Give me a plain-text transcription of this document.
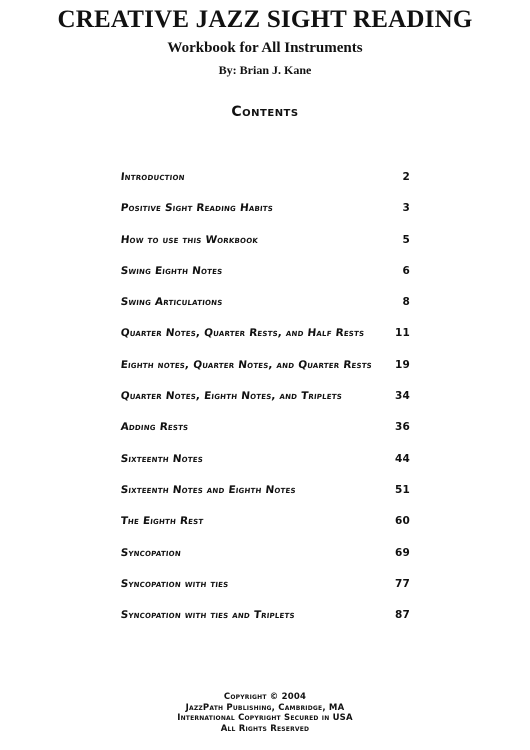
CREATIVE JAZZ SIGHT READING
Workbook for All Instruments
By: Brian J. Kane
Contents
Introduction	2
Positive Sight Reading Habits	3
How to use this Workbook	5
Swing Eighth Notes	6
Swing Articulations	8
Quarter Notes, Quarter Rests, and Half Rests	11
Eighth notes, Quarter Notes, and Quarter Rests 19
Quarter Notes, Eighth Notes, and Triplets	34
Adding Rests	36
Sixteenth Notes	44
Sixteenth Notes and Eighth Notes	51
The Eighth Rest	60
Syncopation	69
Syncopation with ties	77
Syncopation with ties and Triplets	87
Copyright © 2004
JazzPath Publishing, Cambridge, MA
International Copyright Secured in USA
All Rights Reserved
